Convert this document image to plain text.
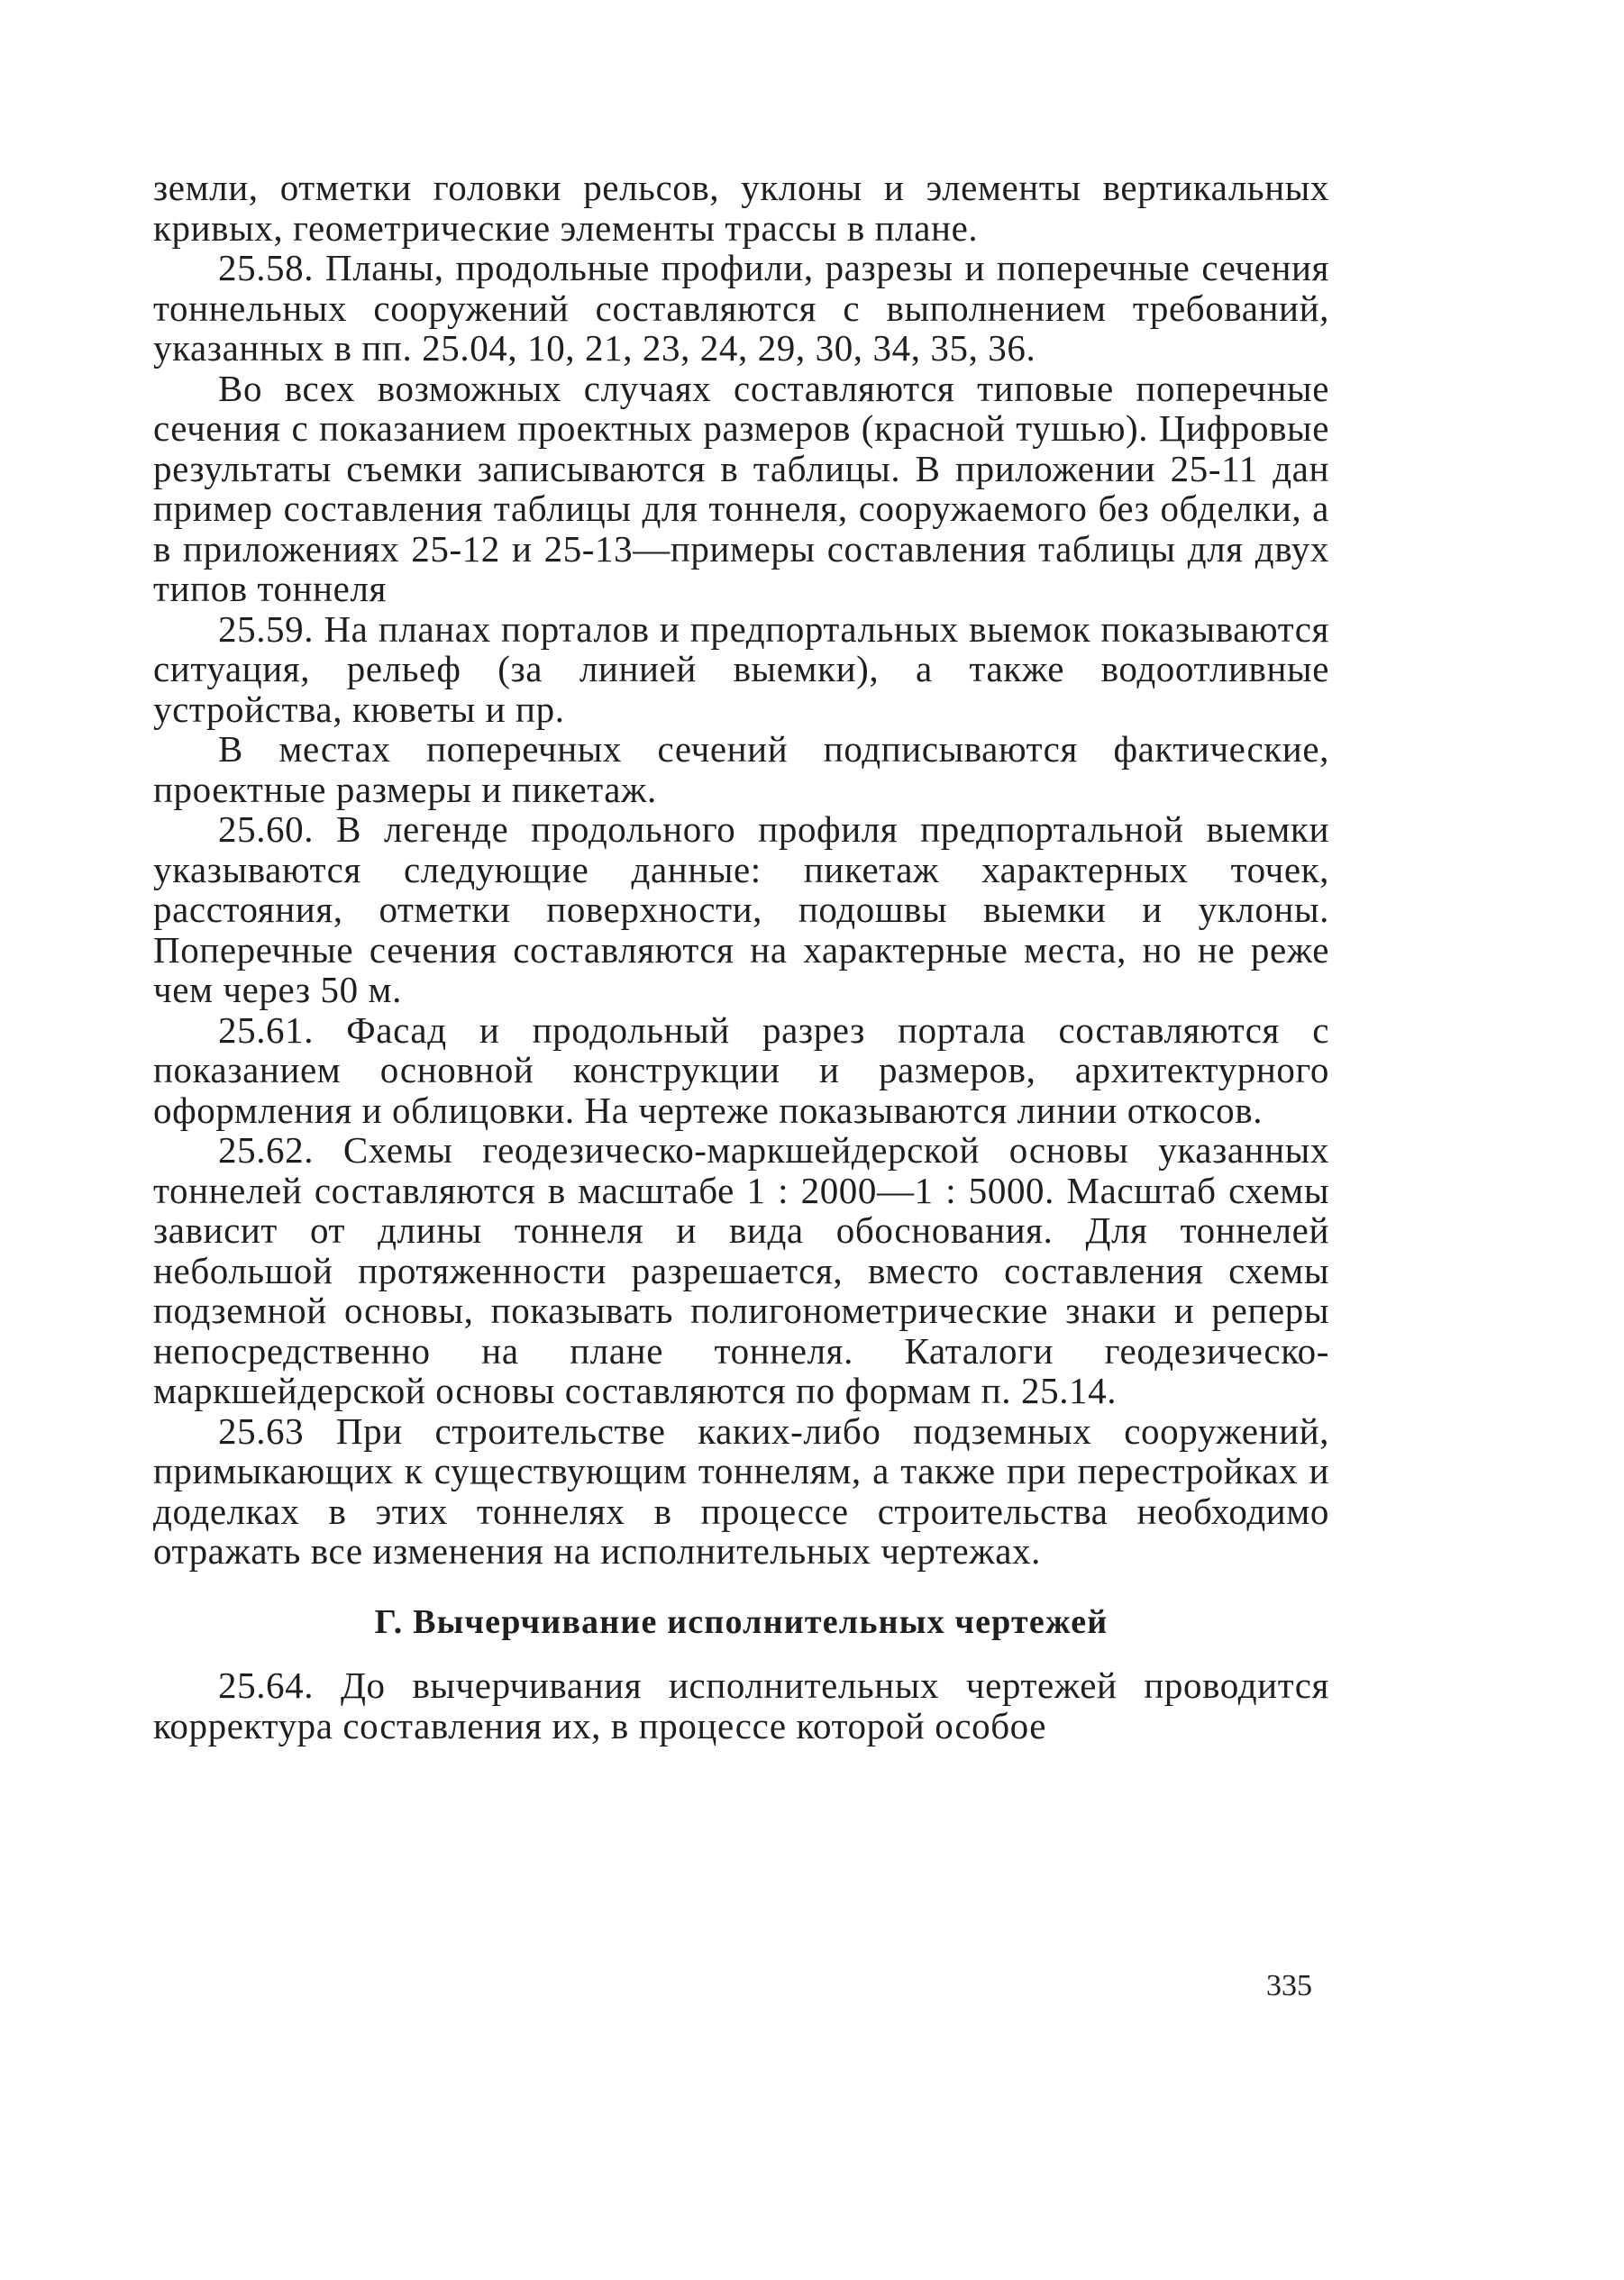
земли, отметки головки рельсов, уклоны и элементы вертикальных кривых, геометрические элементы трассы в плане.

25.58. Планы, продольные профили, разрезы и поперечные сечения тоннельных сооружений составляются с выполнением требований, указанных в пп. 25.04, 10, 21, 23, 24, 29, 30, 34, 35, 36.

Во всех возможных случаях составляются типовые поперечные сечения с показанием проектных размеров (красной тушью). Цифровые результаты съемки записываются в таблицы. В приложении 25-11 дан пример составления таблицы для тоннеля, сооружаемого без обделки, а в приложениях 25-12 и 25-13—примеры составления таблицы для двух типов тоннеля

25.59. На планах порталов и предпортальных выемок показываются ситуация, рельеф (за линией выемки), а также водоотливные устройства, кюветы и пр.

В местах поперечных сечений подписываются фактические, проектные размеры и пикетаж.

25.60. В легенде продольного профиля предпортальной выемки указываются следующие данные: пикетаж характерных точек, расстояния, отметки поверхности, подошвы выемки и уклоны. Поперечные сечения составляются на характерные места, но не реже чем через 50 м.

25.61. Фасад и продольный разрез портала составляются с показанием основной конструкции и размеров, архитектурного оформления и облицовки. На чертеже показываются линии откосов.

25.62. Схемы геодезическо-маркшейдерской основы указанных тоннелей составляются в масштабе 1 : 2000—1 : 5000. Масштаб схемы зависит от длины тоннеля и вида обоснования. Для тоннелей небольшой протяженности разрешается, вместо составления схемы подземной основы, показывать полигонометрические знаки и реперы непосредственно на плане тоннеля. Каталоги геодезическо-маркшейдерской основы составляются по формам п. 25.14.

25.63 При строительстве каких-либо подземных сооружений, примыкающих к существующим тоннелям, а также при перестройках и доделках в этих тоннелях в процессе строительства необходимо отражать все изменения на исполнительных чертежах.

Г. Вычерчивание исполнительных чертежей

25.64. До вычерчивания исполнительных чертежей проводится корректура составления их, в процессе которой особое

335
